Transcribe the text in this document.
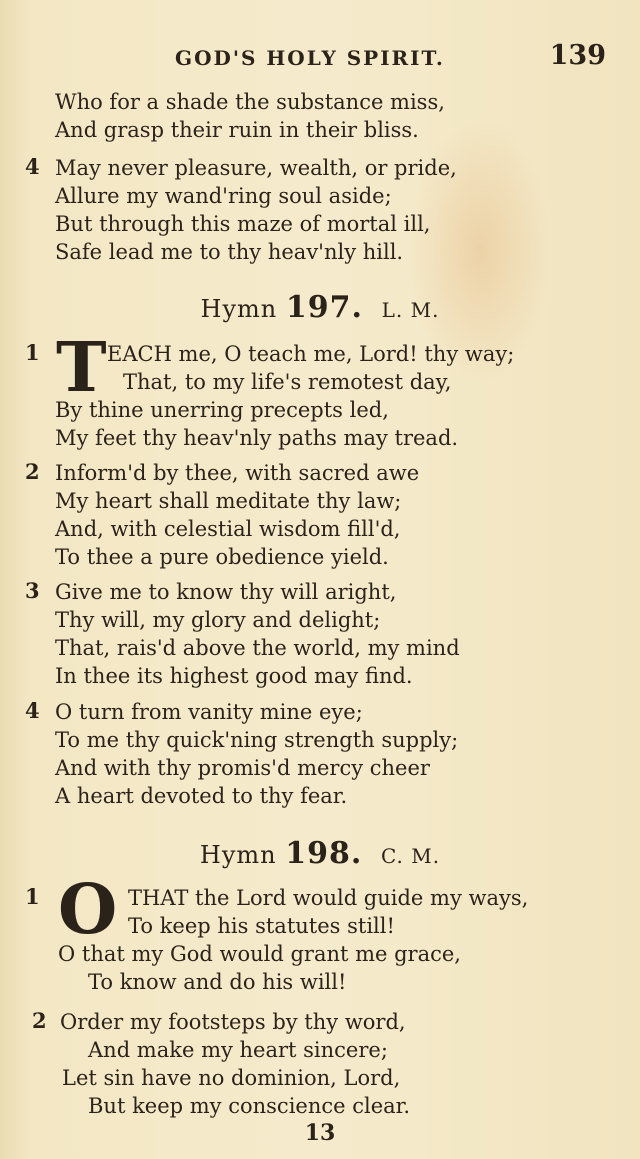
GOD'S HOLY SPIRIT.	139
Who for a shade the substance miss,
And grasp their ruin in their bliss.
4 May never pleasure, wealth, or pride,
Allure my wand'ring soul aside;
But through this maze of mortal ill,
Safe lead me to thy heav'nly hill.
Hymn 197. L. M.
1 T EACH me, O teach me, Lord! thy way;
That, to my life's remotest day,
By thine unerring precepts led,
My feet thy heav'nly paths may tread.
2 Inform'd by thee, with sacred awe
My heart shall meditate thy law;
And, with celestial wisdom fill'd,
To thee a pure obedience yield.
3 Give me to know thy will aright,
Thy will, my glory and delight;
That, rais'd above the world, my mind
In thee its highest good may find.
4 O turn from vanity mine eye;
To me thy quick'ning strength supply;
And with thy promis'd mercy cheer
A heart devoted to thy fear.
Hymn 198. C. M.
1 O THAT the Lord would guide my ways,
To keep his statutes still!
O that my God would grant me grace,
To know and do his will!
2 Order my footsteps by thy word,
And make my heart sincere;
Let sin have no dominion, Lord,
But keep my conscience clear.
13
